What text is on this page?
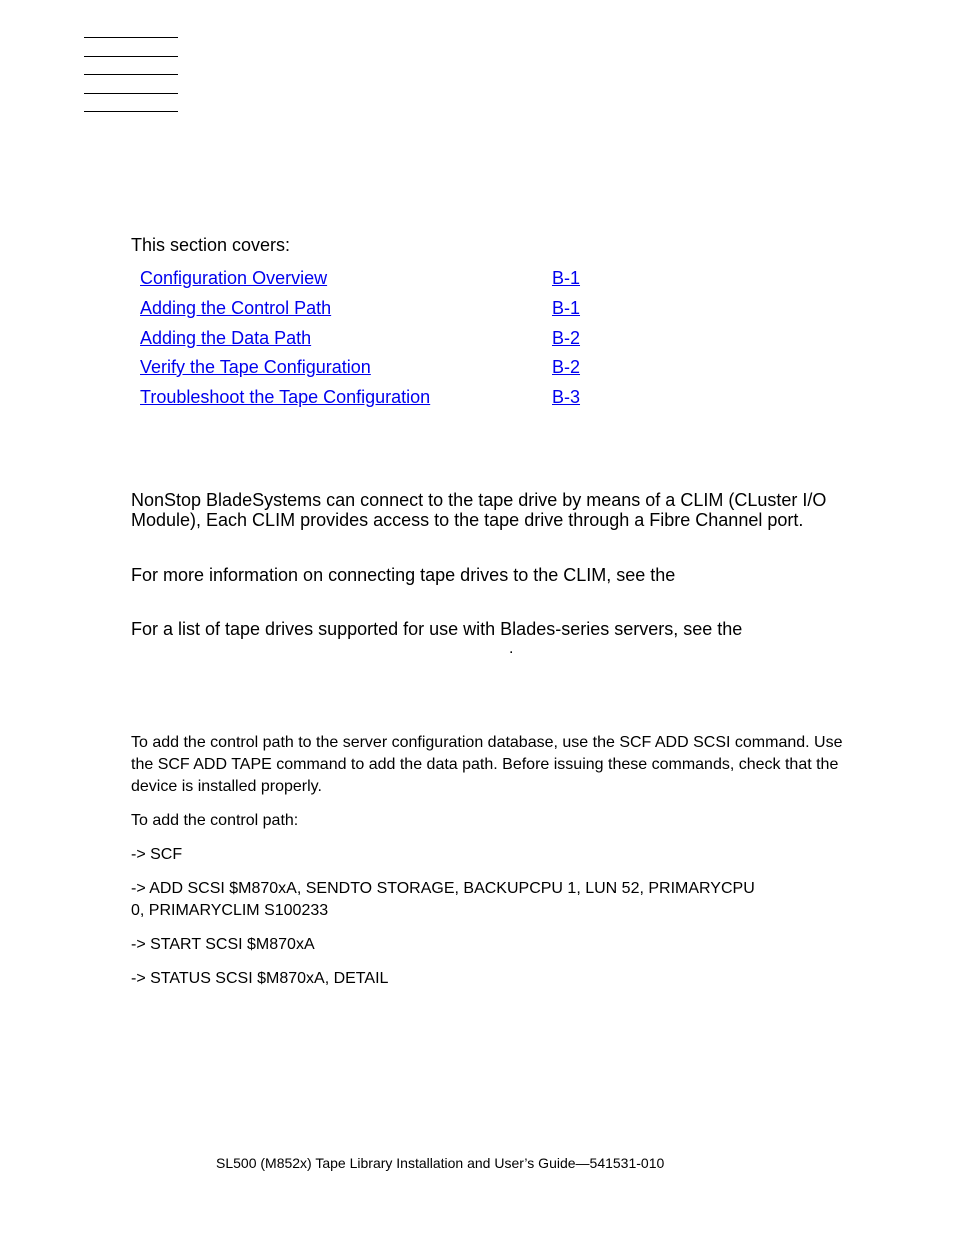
This section covers:
Configuration Overview	B-1
Adding the Control Path	B-1
Adding the Data Path	B-2
Verify the Tape Configuration	B-2
Troubleshoot the Tape Configuration	B-3
NonStop BladeSystems can connect to the tape drive by means of a CLIM (CLuster I/O Module), Each CLIM provides access to the tape drive through a Fibre Channel port.
For more information on connecting tape drives to the CLIM, see the
For a list of tape drives supported for use with Blades-series servers, see the
.
To add the control path to the server configuration database, use the SCF ADD SCSI command. Use the SCF ADD TAPE command to add the data path. Before issuing these commands, check that the device is installed properly.
To add the control path:
-> SCF
-> ADD SCSI $M870xA, SENDTO STORAGE, BACKUPCPU 1, LUN 52, PRIMARYCPU 0, PRIMARYCLIM S100233
-> START SCSI $M870xA
-> STATUS SCSI $M870xA, DETAIL
SL500 (M852x) Tape Library Installation and User’s Guide—541531-010
